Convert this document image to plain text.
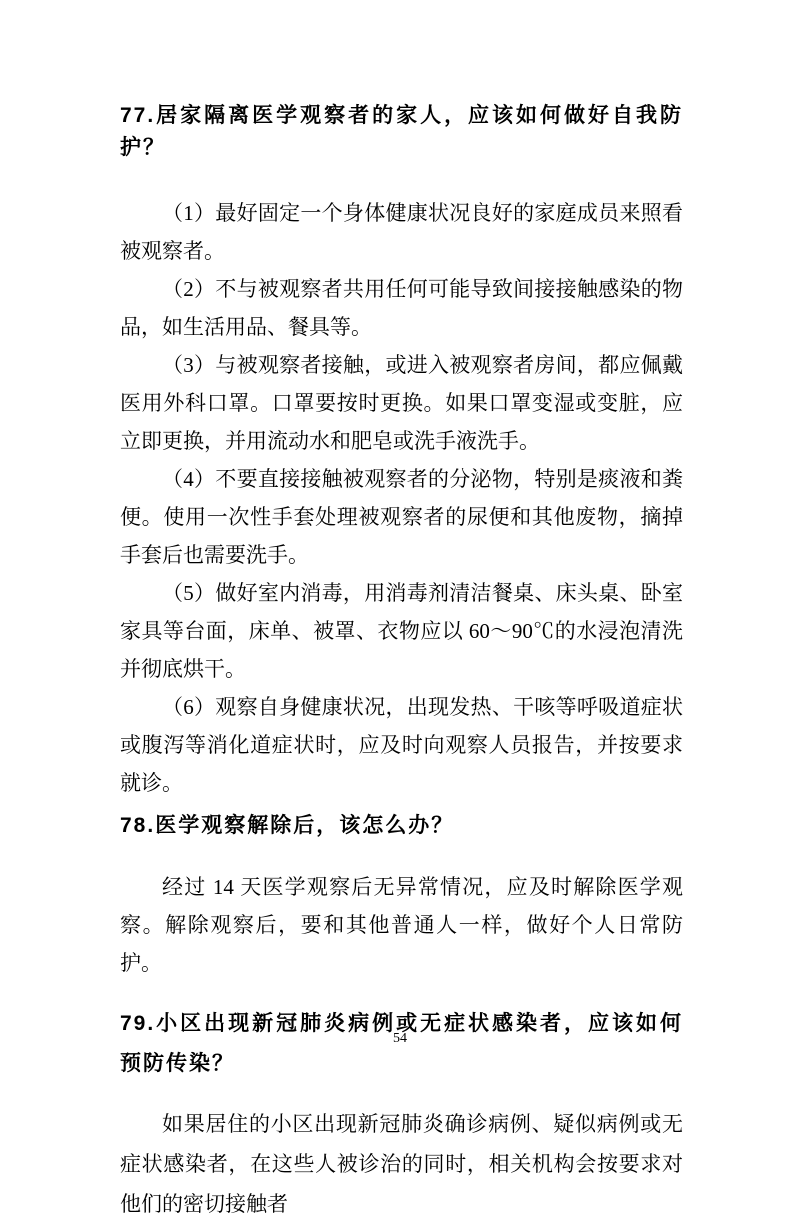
77.居家隔离医学观察者的家人，应该如何做好自我防护？

（1）最好固定一个身体健康状况良好的家庭成员来照看被观察者。

（2）不与被观察者共用任何可能导致间接接触感染的物品，如生活用品、餐具等。

（3）与被观察者接触，或进入被观察者房间，都应佩戴医用外科口罩。口罩要按时更换。如果口罩变湿或变脏，应立即更换，并用流动水和肥皂或洗手液洗手。

（4）不要直接接触被观察者的分泌物，特别是痰液和粪便。使用一次性手套处理被观察者的尿便和其他废物，摘掉手套后也需要洗手。

（5）做好室内消毒，用消毒剂清洁餐桌、床头桌、卧室家具等台面，床单、被罩、衣物应以 60～90℃的水浸泡清洗并彻底烘干。

（6）观察自身健康状况，出现发热、干咳等呼吸道症状或腹泻等消化道症状时，应及时向观察人员报告，并按要求就诊。

78.医学观察解除后，该怎么办？

经过 14 天医学观察后无异常情况，应及时解除医学观察。解除观察后，要和其他普通人一样，做好个人日常防护。

79.小区出现新冠肺炎病例或无症状感染者，应该如何预防传染？

如果居住的小区出现新冠肺炎确诊病例、疑似病例或无症状感染者，在这些人被诊治的同时，相关机构会按要求对他们的密切接触者

54
